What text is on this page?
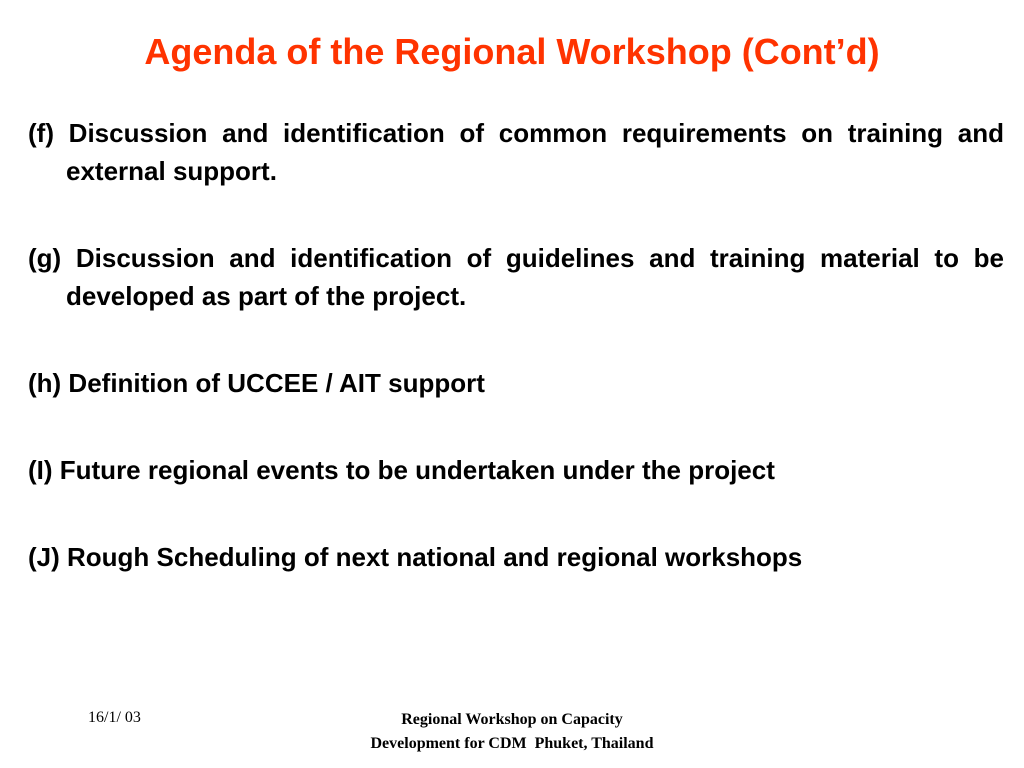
Agenda of the Regional Workshop (Cont’d)
(f) Discussion and identification of common requirements on training and external support.
(g) Discussion and identification of guidelines and training material to be developed as part of the project.
(h) Definition of UCCEE / AIT support
(I) Future regional events to be undertaken under the project
(J) Rough Scheduling of next national and regional workshops
16/1/ 03	Regional Workshop on Capacity
Development for CDM  Phuket, Thailand
